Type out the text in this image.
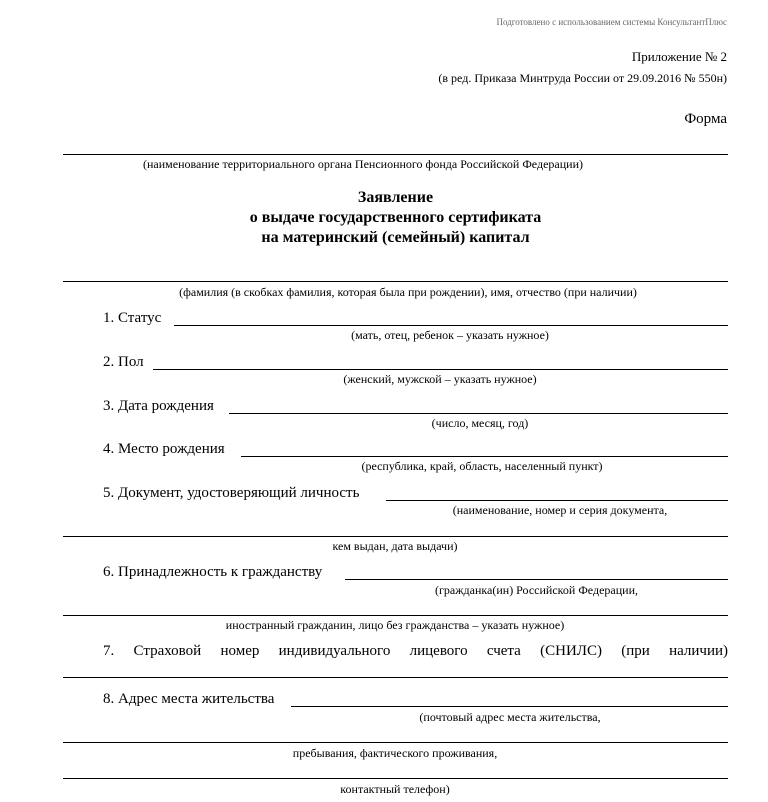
Подготовлено с использованием системы КонсультантПлюс
Приложение № 2
(в ред. Приказа Минтруда России от 29.09.2016 № 550н)
Форма
(наименование территориального органа Пенсионного фонда Российской Федерации)
Заявление
о выдаче государственного сертификата
на материнский (семейный) капитал
(фамилия (в скобках фамилия, которая была при рождении), имя, отчество (при наличии)
1. Статус
(мать, отец, ребенок – указать нужное)
2. Пол
(женский, мужской – указать нужное)
3. Дата рождения
(число, месяц, год)
4. Место рождения
(республика, край, область, населенный пункт)
5. Документ, удостоверяющий личность
(наименование, номер и серия документа,
кем выдан, дата выдачи)
6. Принадлежность к гражданству
(гражданка(ин) Российской Федерации,
иностранный гражданин, лицо без гражданства – указать нужное)
7. Страховой номер индивидуального лицевого счета (СНИЛС) (при наличии)
8. Адрес места жительства
(почтовый адрес места жительства,
пребывания, фактического проживания,
контактный телефон)
